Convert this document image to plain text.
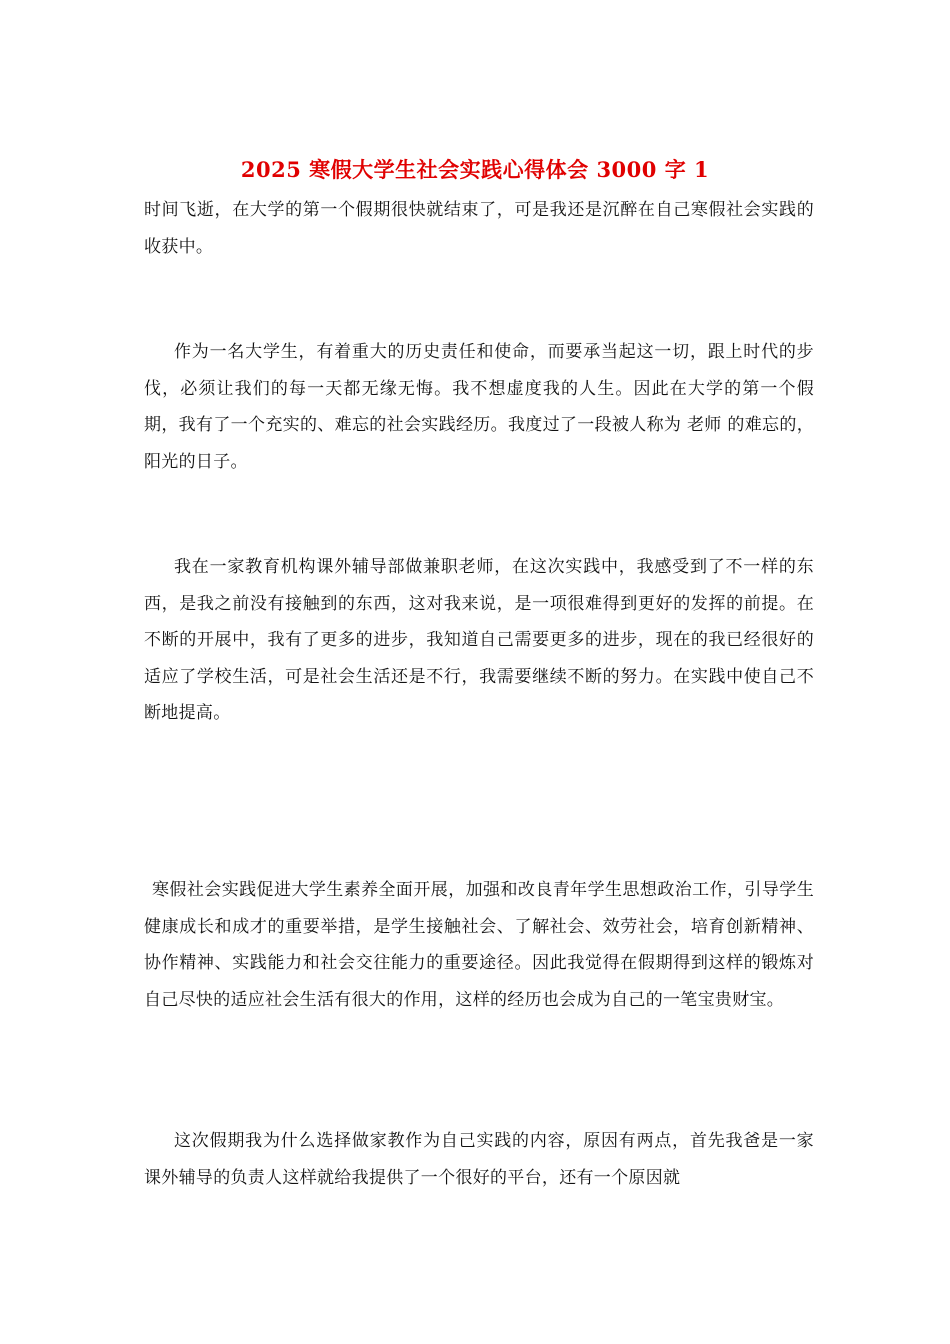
2025 寒假大学生社会实践心得体会 3000 字 1

时间飞逝，在大学的第一个假期很快就结束了，可是我还是沉醉在自己寒假社会实践的收获中。

作为一名大学生，有着重大的历史责任和使命，而要承当起这一切，跟上时代的步伐，必须让我们的每一天都无缘无悔。我不想虚度我的人生。因此在大学的第一个假期，我有了一个充实的、难忘的社会实践经历。我度过了一段被人称为 老师 的难忘的，阳光的日子。

我在一家教育机构课外辅导部做兼职老师，在这次实践中，我感受到了不一样的东西，是我之前没有接触到的东西，这对我来说，是一项很难得到更好的发挥的前提。在不断的开展中，我有了更多的进步，我知道自己需要更多的进步，现在的我已经很好的适应了学校生活，可是社会生活还是不行，我需要继续不断的努力。在实践中使自己不断地提高。

寒假社会实践促进大学生素养全面开展，加强和改良青年学生思想政治工作，引导学生健康成长和成才的重要举措，是学生接触社会、了解社会、效劳社会，培育创新精神、协作精神、实践能力和社会交往能力的重要途径。因此我觉得在假期得到这样的锻炼对自己尽快的适应社会生活有很大的作用，这样的经历也会成为自己的一笔宝贵财宝。

这次假期我为什么选择做家教作为自己实践的内容，原因有两点，首先我爸是一家课外辅导的负责人这样就给我提供了一个很好的平台，还有一个原因就
